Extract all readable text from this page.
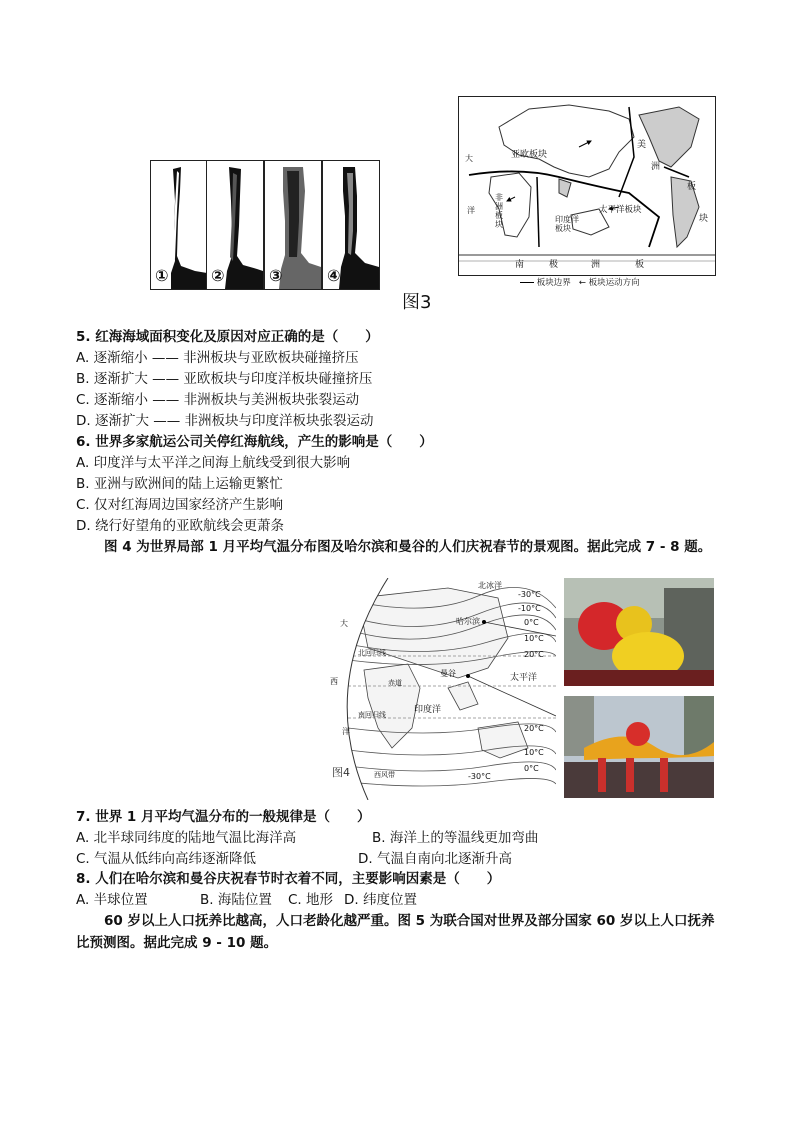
①	②	③	④
亚欧板块
非洲
板块
印度洋
板块
太平洋板块
大
洋
美
洲
板
块
南	极	洲	板
板块边界 ← 板块运动方向
图3
5. 红海海域面积变化及原因对应正确的是（　　）
A. 逐渐缩小 —— 非洲板块与亚欧板块碰撞挤压
B. 逐渐扩大 —— 亚欧板块与印度洋板块碰撞挤压
C. 逐渐缩小 —— 非洲板块与美洲板块张裂运动
D. 逐渐扩大 —— 非洲板块与印度洋板块张裂运动
6. 世界多家航运公司关停红海航线，产生的影响是（　　）
A. 印度洋与太平洋之间海上航线受到很大影响
B. 亚洲与欧洲间的陆上运输更繁忙
C. 仅对红海周边国家经济产生影响
D. 绕行好望角的亚欧航线会更萧条
图 4 为世界局部 1 月平均气温分布图及哈尔滨和曼谷的人们庆祝春节的景观图。据此完成 7 - 8 题。
北冰洋
-30°C
-10°C
0°C
10°C
20°C
20°C
10°C
0°C
-30°C
哈尔滨
曼谷
北回归线
南回归线
赤道
印度洋
太平洋
西
大
洋
西风带
图4
7. 世界 1 月平均气温分布的一般规律是（　　）
A. 北半球同纬度的陆地气温比海洋高	B. 海洋上的等温线更加弯曲
C. 气温从低纬向高纬逐渐降低	D. 气温自南向北逐渐升高
8. 人们在哈尔滨和曼谷庆祝春节时衣着不同，主要影响因素是（　　）
A. 半球位置	B. 海陆位置 C. 地形 D. 纬度位置
60 岁以上人口抚养比越高，人口老龄化越严重。图 5 为联合国对世界及部分国家 60 岁以上人口抚养比预测图。据此完成 9 - 10 题。
